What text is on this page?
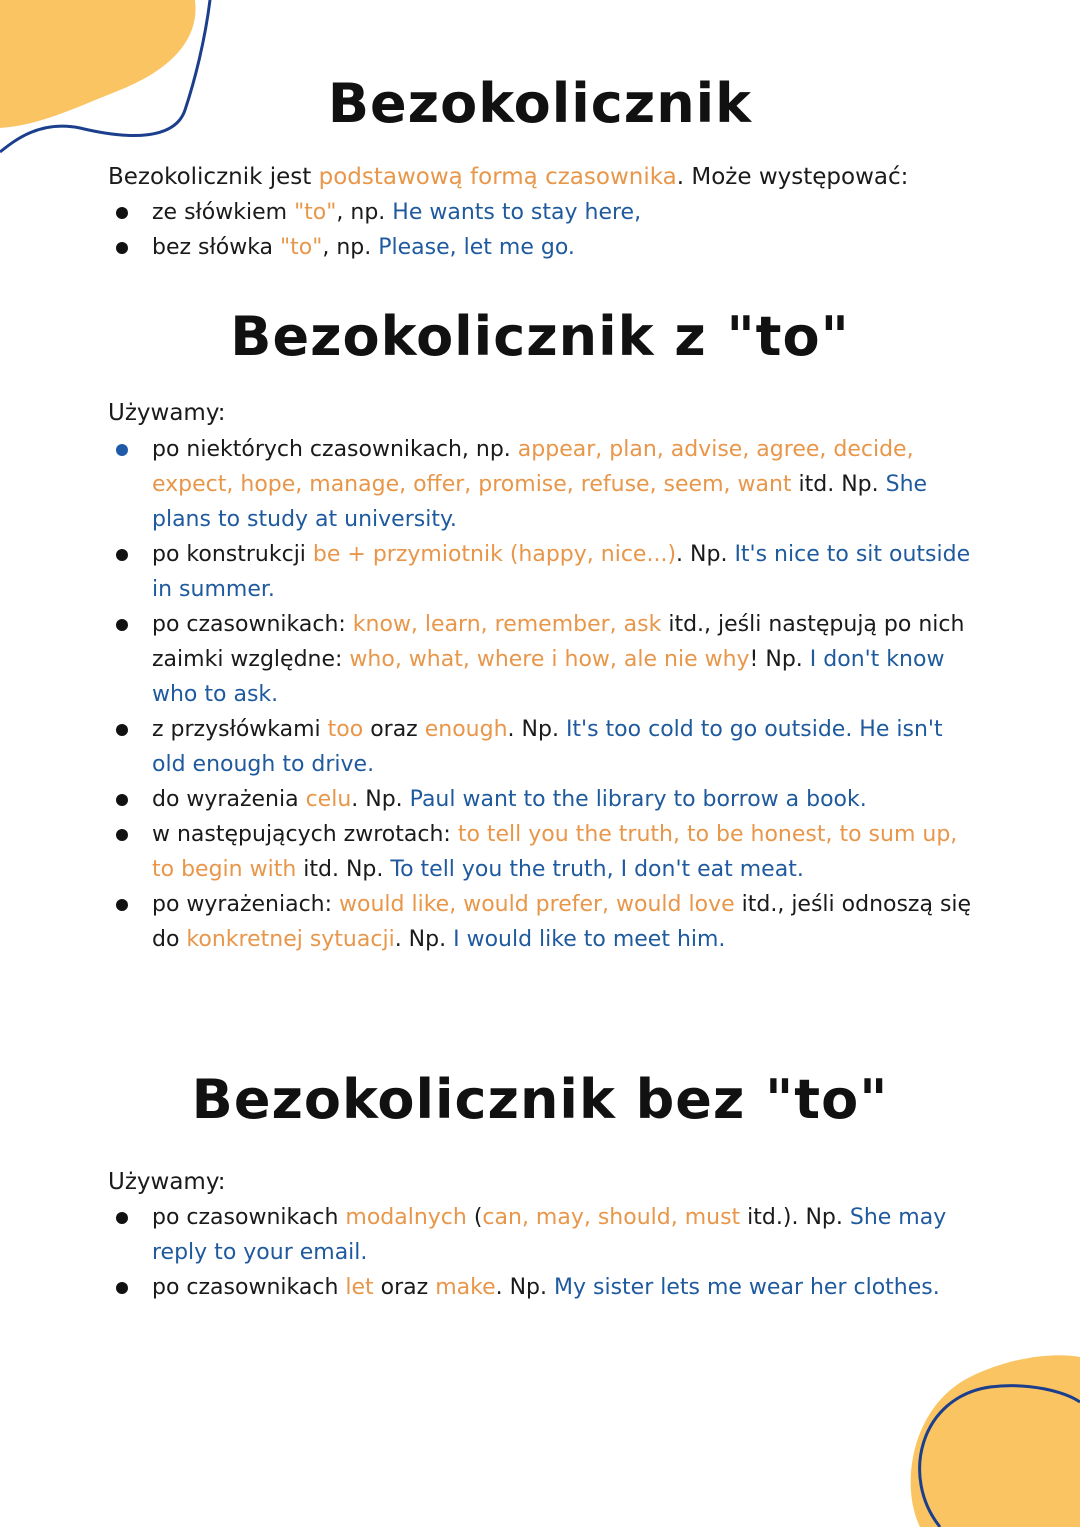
Bezokolicznik
Bezokolicznik jest podstawową formą czasownika. Może występować:
ze słówkiem "to", np. He wants to stay here,
bez słówka "to", np. Please, let me go.
Bezokolicznik z "to"
Używamy:
po niektórych czasownikach, np. appear, plan, advise, agree, decide, expect, hope, manage, offer, promise, refuse, seem, want itd. Np. She plans to study at university.
po konstrukcji be + przymiotnik (happy, nice...). Np. It's nice to sit outside in summer.
po czasownikach: know, learn, remember, ask itd., jeśli następują po nich zaimki względne: who, what, where i how, ale nie why! Np. I don't know who to ask.
z przysłówkami too oraz enough. Np. It's too cold to go outside. He isn't old enough to drive.
do wyrażenia celu. Np. Paul want to the library to borrow a book.
w następujących zwrotach: to tell you the truth, to be honest, to sum up, to begin with itd. Np. To tell you the truth, I don't eat meat.
po wyrażeniach: would like, would prefer, would love itd., jeśli odnoszą się do konkretnej sytuacji. Np. I would like to meet him.
Bezokolicznik bez "to"
Używamy:
po czasownikach modalnych (can, may, should, must itd.). Np. She may reply to your email.
po czasownikach let oraz make. Np. My sister lets me wear her clothes.
